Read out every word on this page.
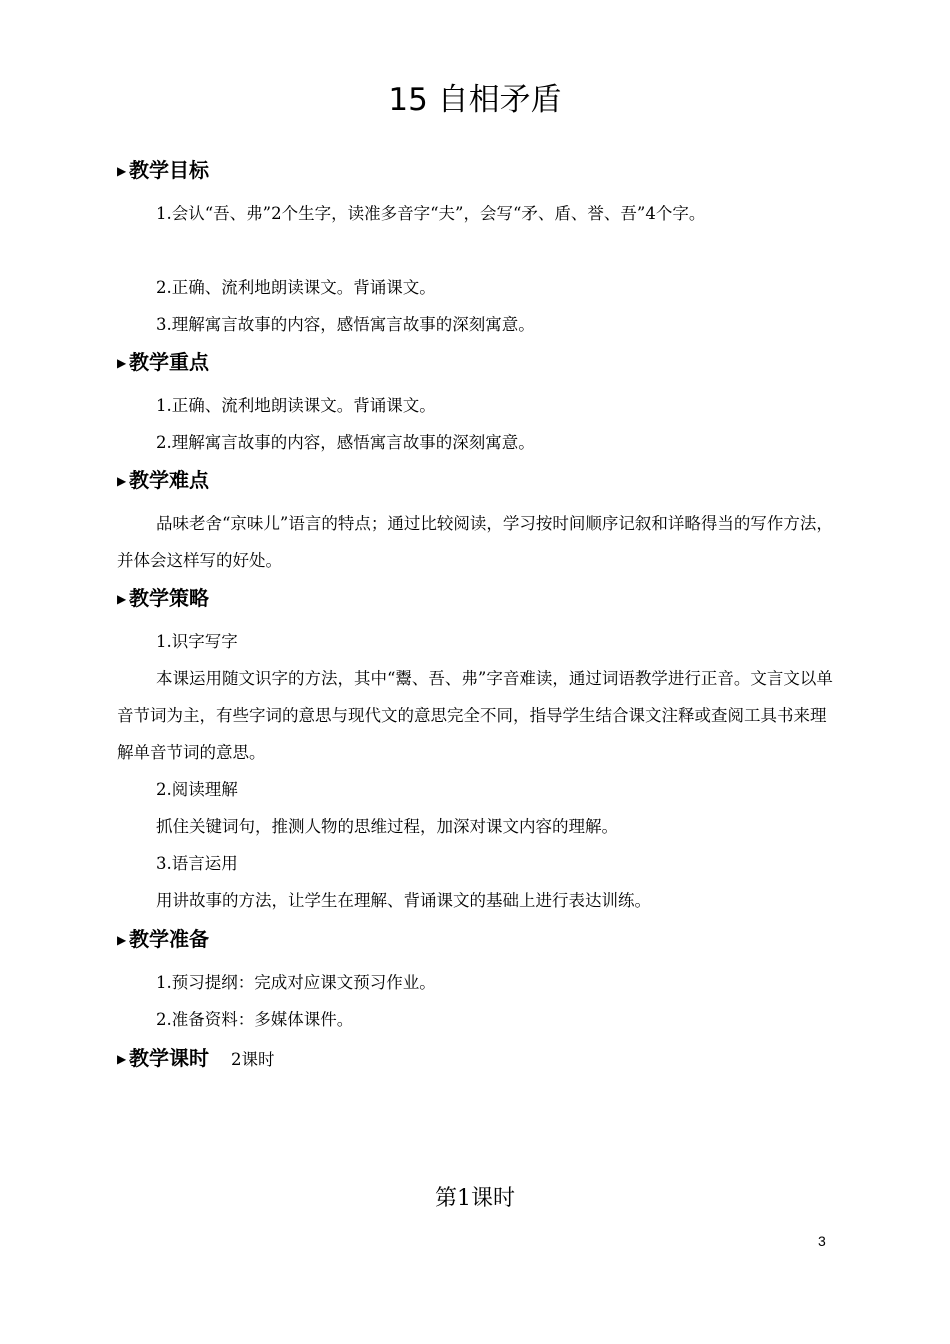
15 自相矛盾
▶ 教学目标

1.会认“吾、弗”2个生字，读准多音字“夫”，会写“矛、盾、誉、吾”4个字。

2.正确、流利地朗读课文。背诵课文。

3.理解寓言故事的内容，感悟寓言故事的深刻寓意。

▶ 教学重点

1.正确、流利地朗读课文。背诵课文。

2.理解寓言故事的内容，感悟寓言故事的深刻寓意。

▶ 教学难点

品味老舍“京味儿”语言的特点；通过比较阅读，学习按时间顺序记叙和详略得当的写作方法，并体会这样写的好处。

▶ 教学策略

1.识字写字

本课运用随文识字的方法，其中“鬻、吾、弗”字音难读，通过词语教学进行正音。文言文以单音节词为主，有些字词的意思与现代文的意思完全不同，指导学生结合课文注释或查阅工具书来理解单音节词的意思。

2.阅读理解

抓住关键词句，推测人物的思维过程，加深对课文内容的理解。

3.语言运用

用讲故事的方法，让学生在理解、背诵课文的基础上进行表达训练。

▶ 教学准备

1.预习提纲：完成对应课文预习作业。

2.准备资料：多媒体课件。

▶ 教学课时 2课时
第1课时
3
